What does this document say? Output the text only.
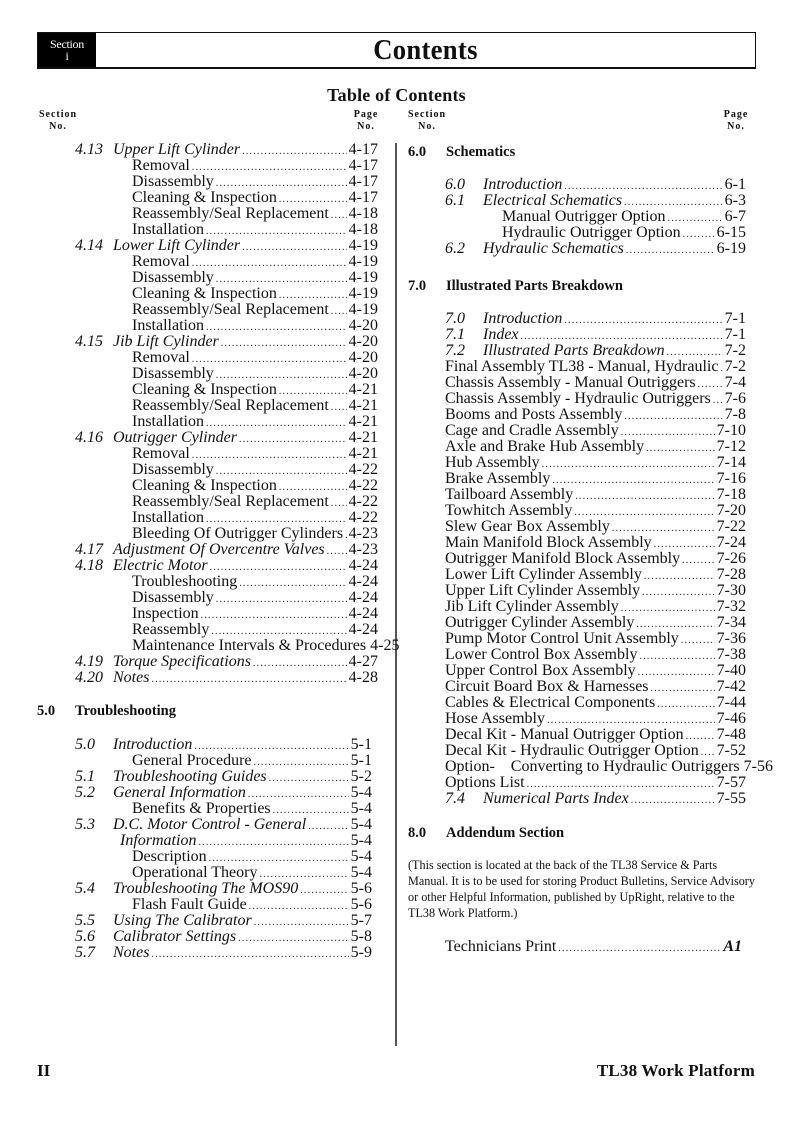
Section
i	Contents
Table of Contents
Section
No.
Page
No.
Section
No.
Page
No.
4.13 Upper Lift Cylinder .....	4-17
Removal .....	4-17
Disassembly .....	4-17
Cleaning & Inspection .....	4-17
Reassembly/Seal Replacement ..... 4-18
Installation .....	4-18
4.14 Lower Lift Cylinder .....	4-19
Removal .....	4-19
Disassembly .....	4-19
Cleaning & Inspection .....	4-19
Reassembly/Seal Replacement ..... 4-19
Installation .....	4-20
4.15 Jib Lift Cylinder .....	4-20
Removal .....	4-20
Disassembly .....	4-20
Cleaning & Inspection .....	4-21
Reassembly/Seal Replacement ..... 4-21
Installation .....	4-21
4.16 Outrigger Cylinder .....	4-21
Removal .....	4-21
Disassembly .....	4-22
Cleaning & Inspection .....	4-22
Reassembly/Seal Replacement ..... 4-22
Installation .....	4-22
Bleeding Of Outrigger Cylinders ..... 4-23
4.17 Adjustment Of Overcentre Valves ..... 4-23
4.18 Electric Motor .....	4-24
Troubleshooting .....	4-24
Disassembly .....	4-24
Inspection .....	4-24
Reassembly .....	4-24
Maintenance Intervals & Procedures 4-25
4.19 Torque Specifications .....	4-27
4.20 Notes .....	4-28
5.0 Troubleshooting
5.0 Introduction .....	5-1
General Procedure .....	5-1
5.1 Troubleshooting Guides .....	5-2
5.2 General Information .....	5-4
Benefits & Properties .....	5-4
5.3 D.C. Motor Control - General .....	5-4
Information .....	5-4
Description .....	5-4
Operational Theory .....	5-4
5.4 Troubleshooting The MOS90 .....	5-6
Flash Fault Guide .....	5-6
5.5 Using The Calibrator .....	5-7
5.6 Calibrator Settings .....	5-8
5.7 Notes .....	5-9
6.0 Schematics
6.0 Introduction .....	6-1
6.1 Electrical Schematics .....	6-3
Manual Outrigger Option .....	6-7
Hydraulic Outrigger Option ..... 6-15
6.2 Hydraulic Schematics .....	6-19
7.0 Illustrated Parts Breakdown
7.0 Introduction .....	7-1
7.1 Index .....	7-1
7.2 Illustrated Parts Breakdown .....	7-2
Final Assembly TL38 - Manual, Hydraulic ..... 7-2
Chassis Assembly - Manual Outriggers ..... 7-4
Chassis Assembly - Hydraulic Outriggers ..... 7-6
Booms and Posts Assembly .....	7-8
Cage and Cradle Assembly .....	7-10
Axle and Brake Hub Assembly .....	7-12
Hub Assembly .....	7-14
Brake Assembly .....	7-16
Tailboard Assembly .....	7-18
Towhitch Assembly .....	7-20
Slew Gear Box Assembly .....	7-22
Main Manifold Block Assembly .....	7-24
Outrigger Manifold Block Assembly ..... 7-26
Lower Lift Cylinder Assembly .....	7-28
Upper Lift Cylinder Assembly .....	7-30
Jib Lift Cylinder Assembly .....	7-32
Outrigger Cylinder Assembly .....	7-34
Pump Motor Control Unit Assembly ..... 7-36
Lower Control Box Assembly .....	7-38
Upper Control Box Assembly .....	7-40
Circuit Board Box & Harnesses .....	7-42
Cables & Electrical Components .....	7-44
Hose Assembly .....	7-46
Decal Kit - Manual Outrigger Option ..... 7-48
Decal Kit - Hydraulic Outrigger Option ..... 7-52
Option-    Converting to Hydraulic Outriggers 7-56
Options List .....	7-57
7.4 Numerical Parts Index .....	7-55
8.0 Addendum Section
(This section is located at the back of the TL38 Service & Parts Manual. It is to be used for storing Product Bulletins, Service Advisory or other Helpful Information, published by UpRight, relative to the TL38 Work Platform.)
Technicians Print .....	A1
II	TL38 Work Platform
